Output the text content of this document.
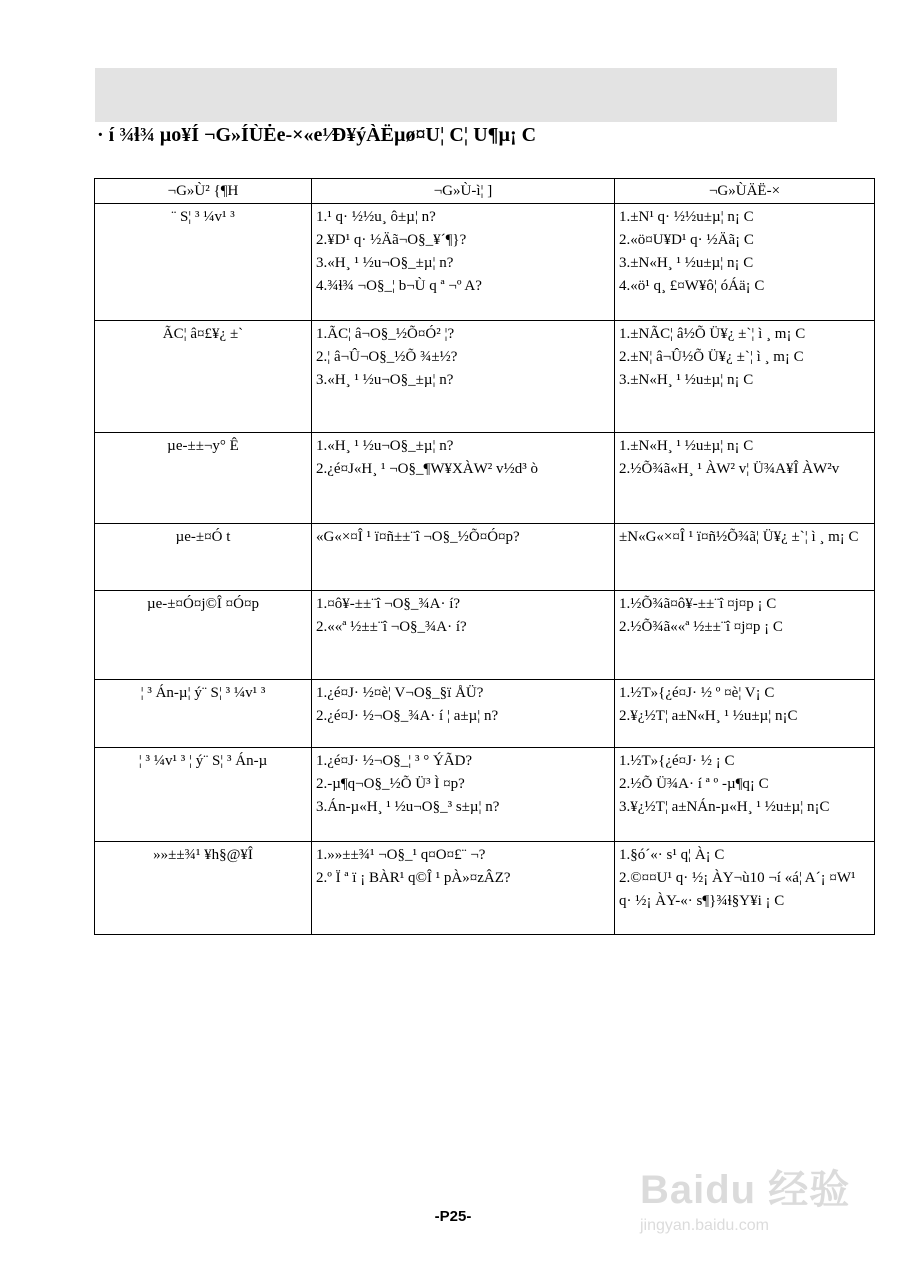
· í ¾ɬ¾ µo¥Í ¬G»ÍÙĖe-×«e¹⁄Ð¥ýÀËµø¤U¦ C¦ U¶µ¡ C
¬G»Ù² {¶H	¬G»Ù-ì¦ ]	¬G»ÙÄË-×
¨ S¦ ³ ¼v¹ ³	1.¹ q· ½½u¸ ô±µ¦ n?
2.¥D¹ q· ½Äã¬O§_¥´¶}?
3.«H¸ ¹ ½u¬O§_±µ¦ n?
4.¾ɬ¾ ¬O§_¦ b¬Ù q ª ¬º A?	1.±N¹ q· ½½u±µ¦ n¡ C
2.«ö¤U¥D¹ q· ½Äã¡ C
3.±N«H¸ ¹ ½u±µ¦ n¡ C
4.«ö¹ q¸ £¤W¥ô¦ óÁä¡ C

ÃC¦ â¤£¥¿ ±`	1.ÃC¦ â¬O§_½Õ¤Ó² ¦?
2.¦ â¬Û¬O§_½Õ ¾±½?
3.«H¸ ¹ ½u¬O§_±µ¦ n?	1.±NÃC¦ â½Õ Ü¥¿ ±`¦ ì ¸ m¡ C
2.±N¦ â¬Û½Õ Ü¥¿ ±`¦ ì ¸ m¡ C
3.±N«H¸ ¹ ½u±µ¦ n¡ C

µe-±±¬y° Ê	1.«H¸ ¹ ½u¬O§_±µ¦ n?
2.¿é¤J«H¸ ¹ ¬O§_¶W¥XÀW² v½d³ ò	1.±N«H¸ ¹ ½u±µ¦ n¡ C
2.½Õ¾ã«H¸ ¹ ÀW² v¦ Ü¾A¥Î ÀW²v

µe-±¤Ó t	«G«×¤Î ¹ ï¤ñ±±¨î ¬O§_½Õ¤Ó¤p?	±N«G«×¤Î ¹ ï¤ñ½Õ¾ã¦ Ü¥¿ ±`¦ ì ¸ m¡ C

µe-±¤Ó¤j©Î ¤Ó¤p	1.¤ô¥-±±¨î ¬O§_¾A· í?
2.««ª ½±±¨î ¬O§_¾A· í?	1.½Õ¾ã¤ô¥-±±¨î ¤j¤p ¡ C
2.½Õ¾ã««ª ½±±¨î ¤j¤p ¡ C

¦ ³ Án-µ¦ ý¨ S¦ ³ ¼v¹ ³	1.¿é¤J· ½¤è¦ V¬O§_§ï ÅÜ?
2.¿é¤J· ½¬O§_¾A· í ¦ a±µ¦ n?	1.½T»{¿é¤J· ½ º ¤è¦ V¡ C
2.¥¿½T¦ a±N«H¸ ¹ ½u±µ¦ n¡C

¦ ³ ¼v¹ ³ ¦ ý¨ S¦ ³ Án-µ	1.¿é¤J· ½¬O§_¦ ³ ° ÝÃD?
2.-µ¶q¬O§_½Õ Ü³ Ì ¤p?
3.Án-µ«H¸ ¹ ½u¬O§_³ s±µ¦ n?	1.½T»{¿é¤J· ½ ¡ C
2.½Õ Ü¾A· í ª º -µ¶q¡ C
3.¥¿½T¦ a±NÁn-µ«H¸ ¹ ½u±µ¦ n¡C

»»±±¾¹ ¥h§@¥Î	1.»»±±¾¹ ¬O§_¹ q¤O¤£¨ ¬?
2.º Ï ª ï ¡ BÀR¹ q©Î ¹ pÀ»¤zÂZ?	1.§ó´«· s¹ q¦ À¡ C
2.©¤¤U¹ q· ½¡ ÀY¬ù10 ¬í «á¦ A´¡ ¤W¹ q· ½¡ ÀY-«· s¶}¾ɬ§Y¥i ¡ C
Baidu 经验
jingyan.baidu.com
-P25-
